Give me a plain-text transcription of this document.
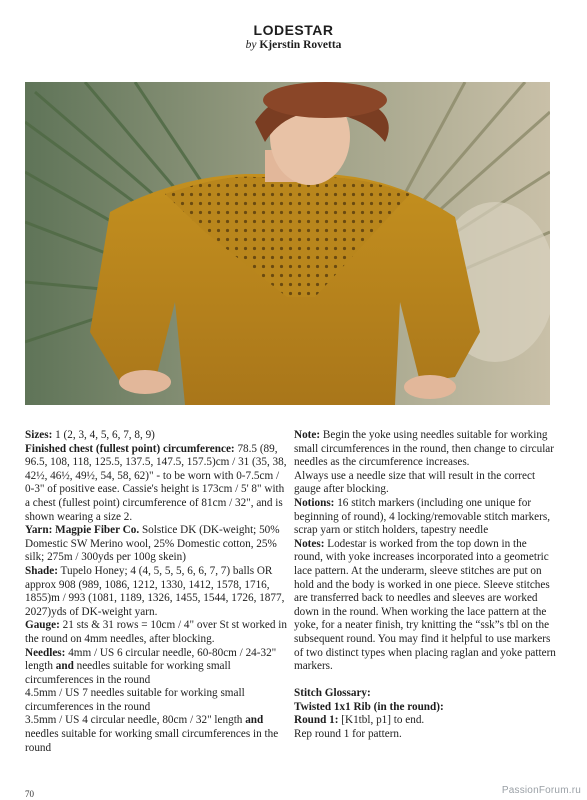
LODESTAR
by Kjerstin Rovetta

Sizes: 1 (2, 3, 4, 5, 6, 7, 8, 9)

Finished chest (fullest point) circumference: 78.5 (89, 96.5, 108, 118, 125.5, 137.5, 147.5, 157.5)cm / 31 (35, 38, 42½, 46½, 49½, 54, 58, 62)" - to be worn with 0-7.5cm / 0-3" of positive ease. Cassie's height is 173cm / 5' 8" with a chest (fullest point) circumference of 81cm / 32", and is shown wearing a size 2.

Yarn: Magpie Fiber Co. Solstice DK (DK-weight; 50% Domestic SW Merino wool, 25% Domestic cotton, 25% silk; 275m / 300yds per 100g skein)

Shade: Tupelo Honey; 4 (4, 5, 5, 5, 6, 6, 7, 7) balls OR approx 908 (989, 1086, 1212, 1330, 1412, 1578, 1716, 1855)m / 993 (1081, 1189, 1326, 1455, 1544, 1726, 1877, 2027)yds of DK-weight yarn.

Gauge: 21 sts & 31 rows = 10cm / 4" over St st worked in the round on 4mm needles, after blocking.

Needles: 4mm / US 6 circular needle, 60-80cm / 24-32" length and needles suitable for working small circumferences in the round

4.5mm / US 7 needles suitable for working small circumferences in the round

3.5mm / US 4 circular needle, 80cm / 32" length and needles suitable for working small circumferences in the round

Note: Begin the yoke using needles suitable for working small circumferences in the round, then change to circular needles as the circumference increases.

Always use a needle size that will result in the correct gauge after blocking.

Notions: 16 stitch markers (including one unique for beginning of round), 4 locking/removable stitch markers, scrap yarn or stitch holders, tapestry needle

Notes: Lodestar is worked from the top down in the round, with yoke increases incorporated into a geometric lace pattern. At the underarm, sleeve stitches are put on hold and the body is worked in one piece. Sleeve stitches are transferred back to needles and sleeves are worked down in the round. When working the lace pattern at the yoke, for a neater finish, try knitting the “ssk”s tbl on the subsequent round. You may find it helpful to use markers of two distinct types when placing raglan and yoke pattern markers.

Stitch Glossary:

Twisted 1x1 Rib (in the round):

Round 1: [K1tbl, p1] to end.

Rep round 1 for pattern.

70	PassionForum.ru
